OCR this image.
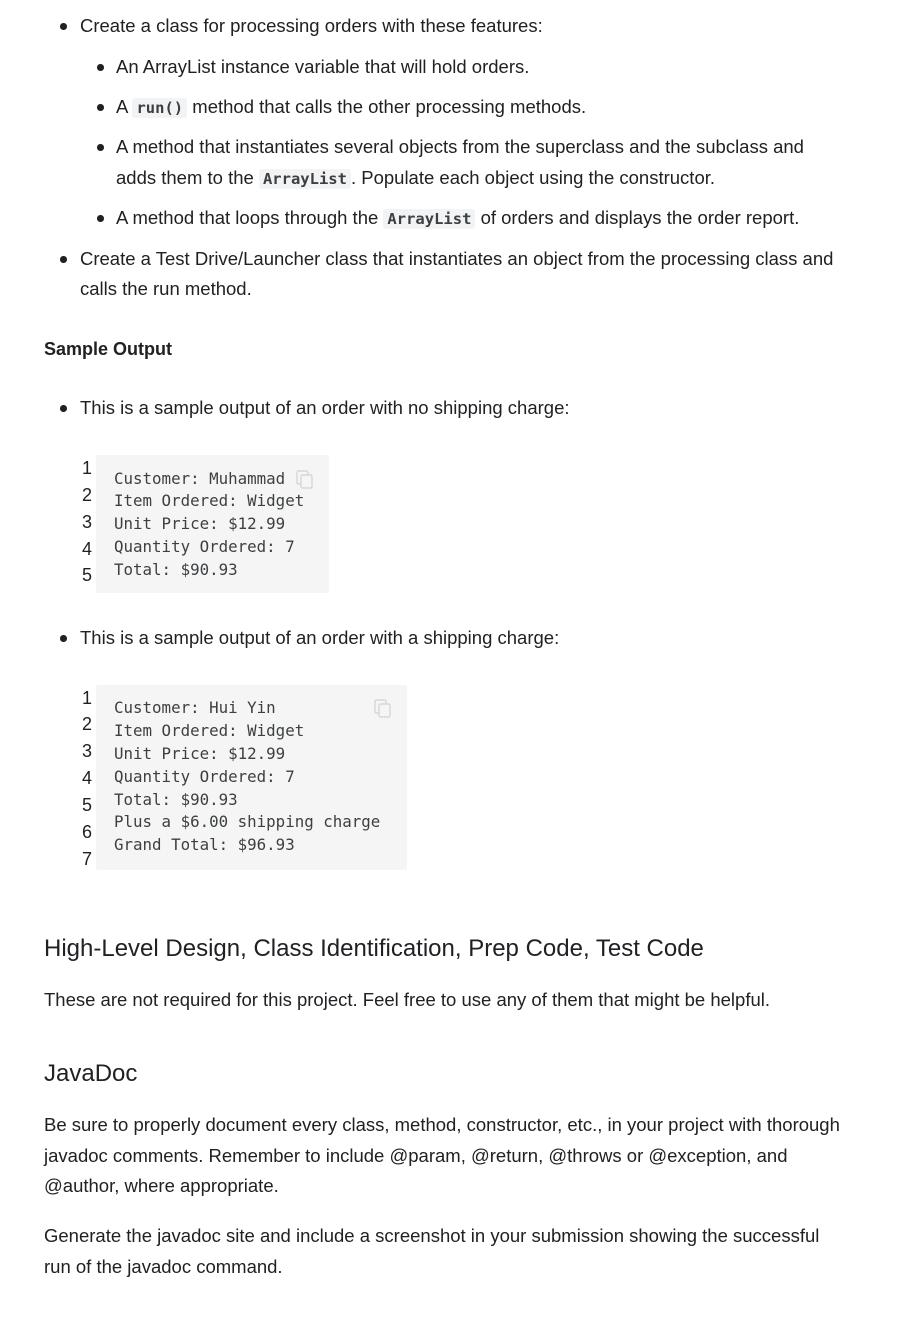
Create a class for processing orders with these features:
An ArrayList instance variable that will hold orders.
A run() method that calls the other processing methods.
A method that instantiates several objects from the superclass and the subclass and
adds them to the ArrayList . Populate each object using the constructor.
A method that loops through the ArrayList of orders and displays the order report.
Create a Test Drive/Launcher class that instantiates an object from the processing class and
calls the run method.
Sample Output
This is a sample output of an order with no shipping charge:
1
2
3
4
5
Customer: Muhammad
Item Ordered: Widget
Unit Price: $12.99
Quantity Ordered: 7
Total: $90.93
This is a sample output of an order with a shipping charge:
1
2
3
4
5
6
7
Customer: Hui Yin
Item Ordered: Widget
Unit Price: $12.99
Quantity Ordered: 7
Total: $90.93
Plus a $6.00 shipping charge
Grand Total: $96.93
High-Level Design, Class Identification, Prep Code, Test Code
These are not required for this project. Feel free to use any of them that might be helpful.
JavaDoc
Be sure to properly document every class, method, constructor, etc., in your project with thorough
javadoc comments. Remember to include @param, @return, @throws or @exception, and
@author, where appropriate.
Generate the javadoc site and include a screenshot in your submission showing the successful
run of the javadoc command.
